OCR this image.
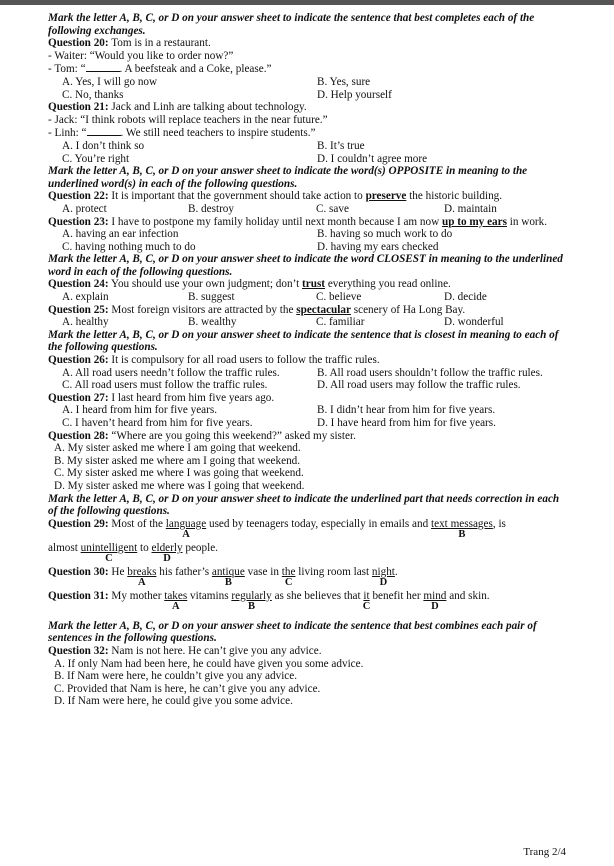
Mark the letter A, B, C, or D on your answer sheet to indicate the sentence that best completes each of the following exchanges.

Question 20: Tom is in a restaurant.

- Waiter: “Would you like to order now?”

- Tom: “	. A beefsteak and a Coke, please.”

A. Yes, I will go now	B. Yes, sure
C. No, thanks	D. Help yourself

Question 21: Jack and Linh are talking about technology.

- Jack: “I think robots will replace teachers in the near future.”

- Linh: “	. We still need teachers to inspire students.”

A. I don’t think so	B. It’s true
C. You’re right	D. I couldn’t agree more

Mark the letter A, B, C, or D on your answer sheet to indicate the word(s) OPPOSITE in meaning to the underlined word(s) in each of the following questions.

Question 22: It is important that the government should take action to preserve the historic building.

A. protect	B. destroy	C. save	D. maintain

Question 23: I have to postpone my family holiday until next month because I am now up to my ears in work.

A. having an ear infection	B. having so much work to do
C. having nothing much to do	D. having my ears checked

Mark the letter A, B, C, or D on your answer sheet to indicate the word CLOSEST in meaning to the underlined word in each of the following questions.

Question 24: You should use your own judgment; don’t trust everything you read online.

A. explain	B. suggest	C. believe	D. decide

Question 25: Most foreign visitors are attracted by the spectacular scenery of Ha Long Bay.

A. healthy	B. wealthy	C. familiar	D. wonderful

Mark the letter A, B, C, or D on your answer sheet to indicate the sentence that is closest in meaning to each of the following questions.

Question 26: It is compulsory for all road users to follow the traffic rules.

A. All road users needn’t follow the traffic rules.	B. All road users shouldn’t follow the traffic rules.
C. All road users must follow the traffic rules.	D. All road users may follow the traffic rules.

Question 27: I last heard from him five years ago.

A. I heard from him for five years.	B. I didn’t hear from him for five years.
C. I haven’t heard from him for five years.	D. I have heard from him for five years.

Question 28: “Where are you going this weekend?” asked my sister.

A. My sister asked me where I am going that weekend.
B. My sister asked me where am I going that weekend.
C. My sister asked me where I was going that weekend.
D. My sister asked me where was I going that weekend.

Mark the letter A, B, C, or D on your answer sheet to indicate the underlined part that needs correction in each of the following questions.

Question 29: Most of the language
A
used by teenagers today, especially in emails and text messages
B
, is

almost unintelligent
C
to elderly
D
people.

Question 30: He breaks
A
his father’s antique
B
vase in the
C
living room last night
D
.

Question 31: My mother takes
A
vitamins regularly
B
as she believes that $\frac{it}{C}$ benefit her mind
D
and skin.

Mark the letter A, B, C, or D on your answer sheet to indicate the sentence that best combines each pair of sentences in the following questions.

Question 32: Nam is not here. He can’t give you any advice.

A. If only Nam had been here, he could have given you some advice.
B. If Nam were here, he couldn’t give you any advice.
C. Provided that Nam is here, he can’t give you any advice.
D. If Nam were here, he could give you some advice.
Trang 2/4
